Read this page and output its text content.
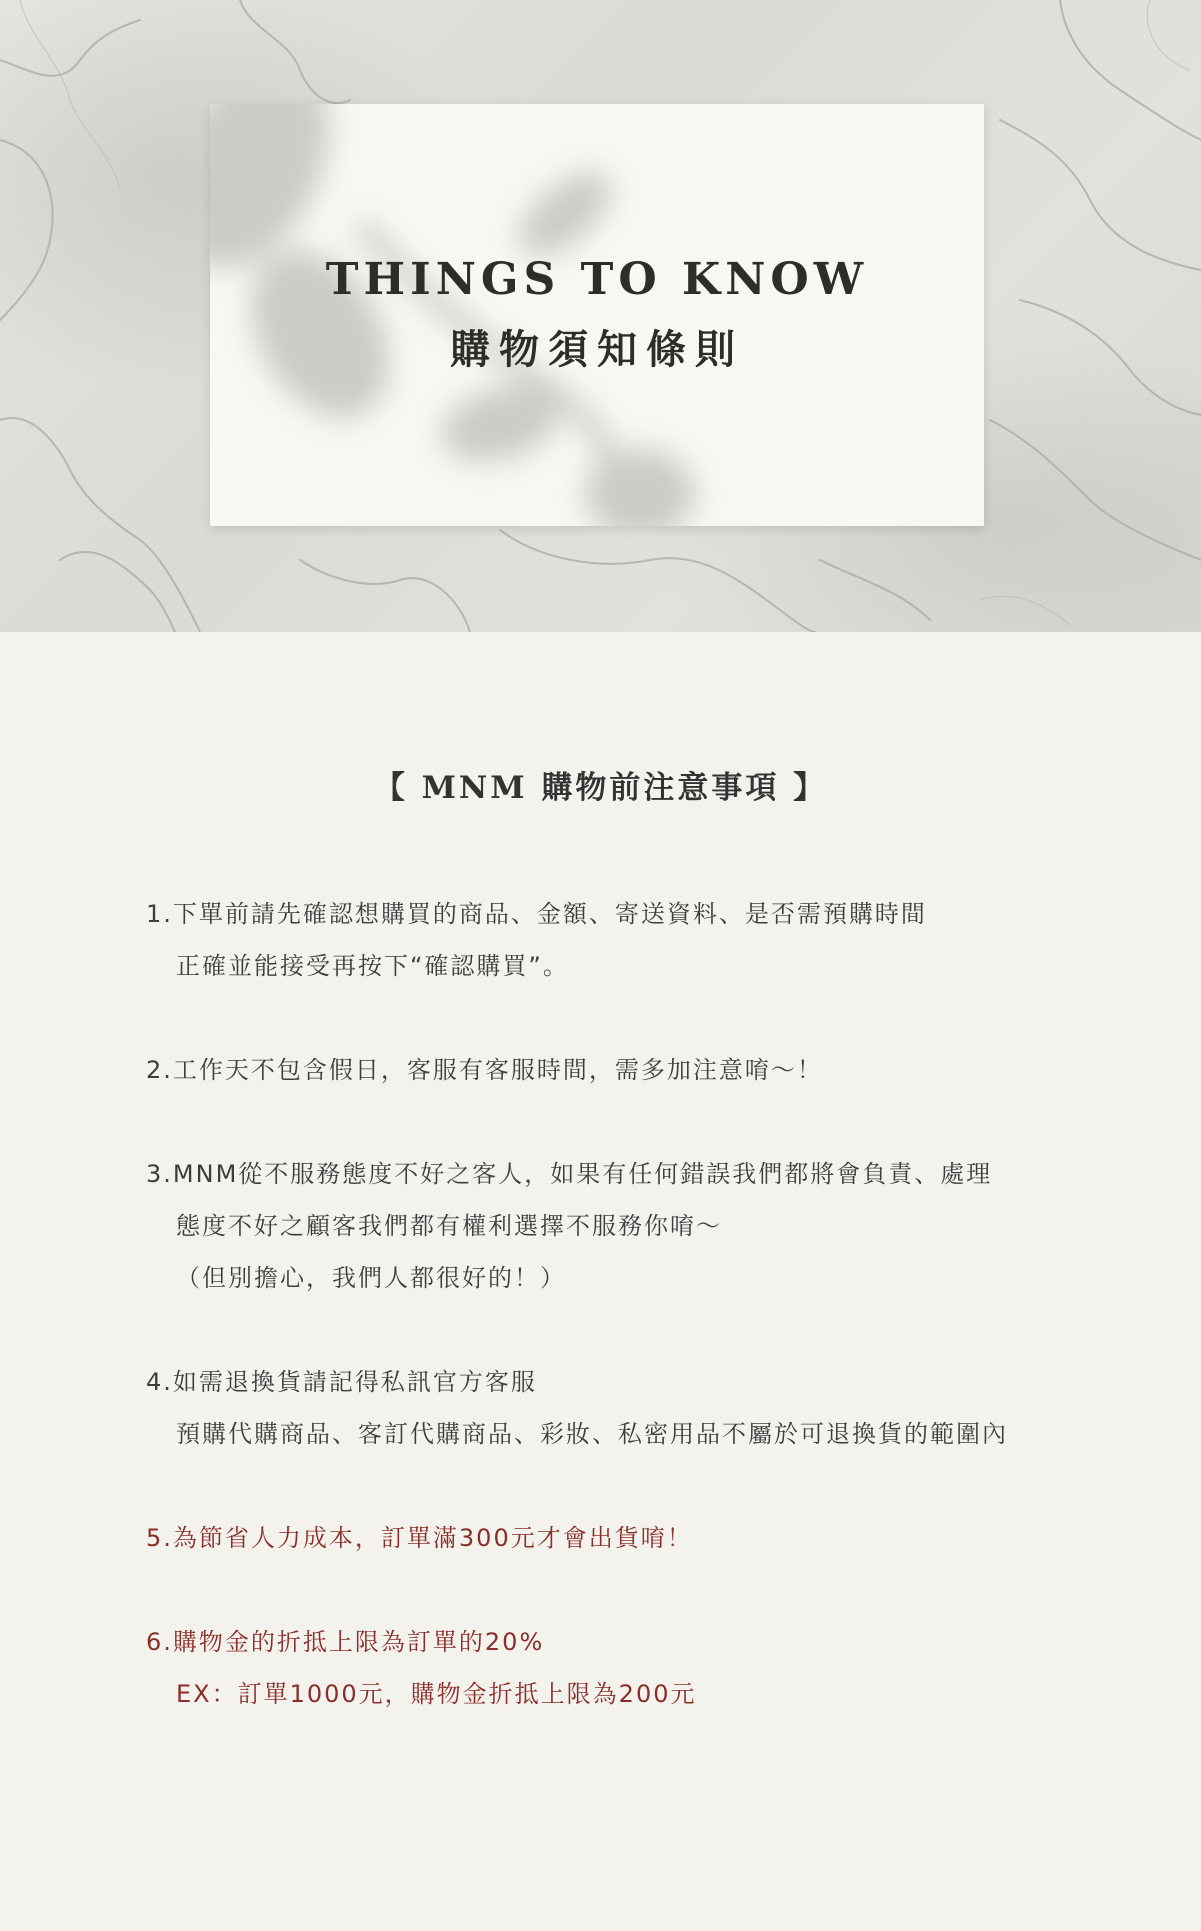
THINGS TO KNOW
購物須知條則
【 MNM 購物前注意事項 】
1.下單前請先確認想購買的商品、金額、寄送資料、是否需預購時間
正確並能接受再按下“確認購買”。
2.工作天不包含假日，客服有客服時間，需多加注意唷～！
3.MNM從不服務態度不好之客人，如果有任何錯誤我們都將會負責、處理
態度不好之顧客我們都有權利選擇不服務你唷～
（但別擔心，我們人都很好的！）
4.如需退換貨請記得私訊官方客服
預購代購商品、客訂代購商品、彩妝、私密用品不屬於可退換貨的範圍內
5.為節省人力成本，訂單滿300元才會出貨唷！
6.購物金的折抵上限為訂單的20%
EX：訂單1000元，購物金折抵上限為200元
